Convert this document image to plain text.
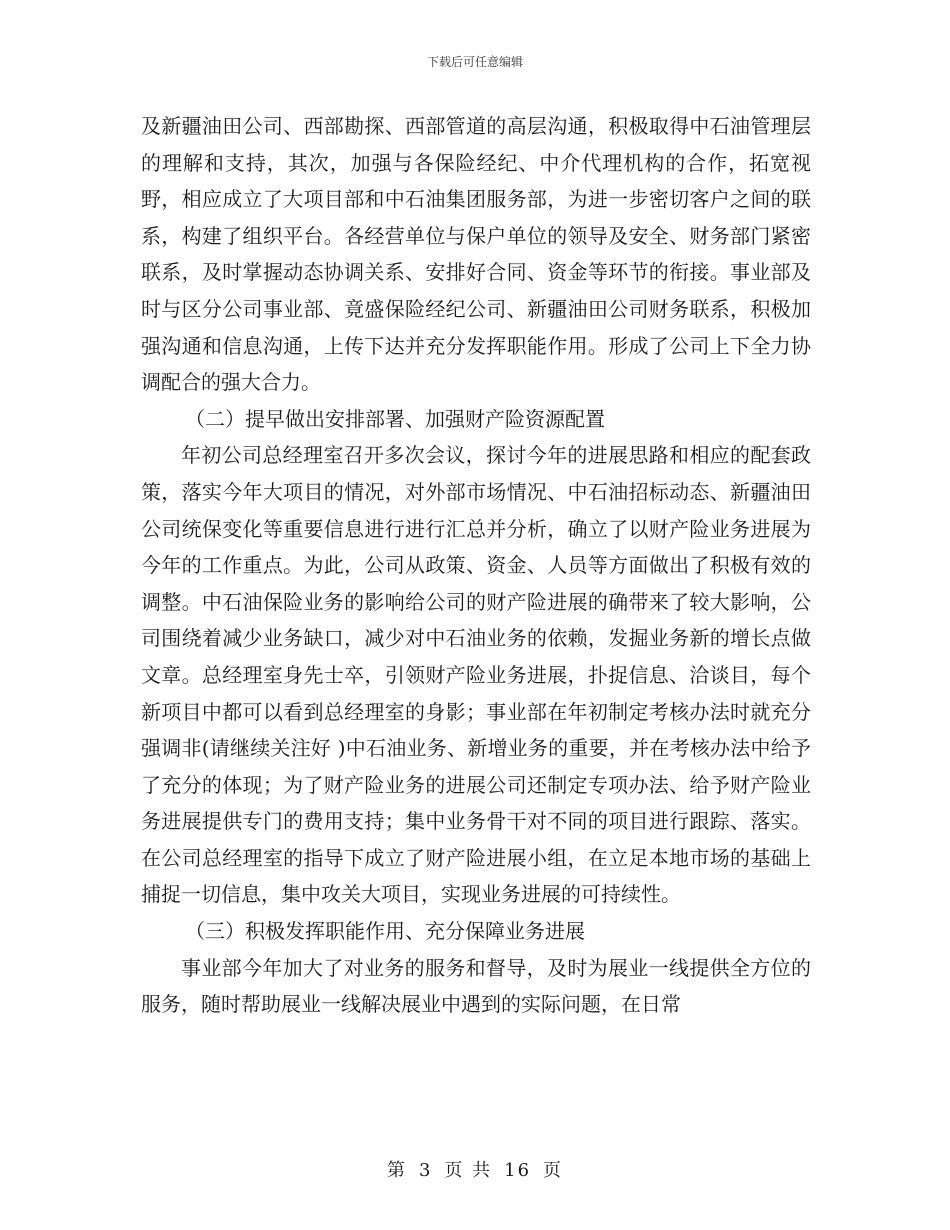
下载后可任意编辑

及新疆油田公司、西部勘探、西部管道的高层沟通，积极取得中石油管理层的理解和支持，其次，加强与各保险经纪、中介代理机构的合作，拓宽视野，相应成立了大项目部和中石油集团服务部，为进一步密切客户之间的联系，构建了组织平台。各经营单位与保户单位的领导及安全、财务部门紧密联系，及时掌握动态协调关系、安排好合同、资金等环节的衔接。事业部及时与区分公司事业部、竟盛保险经纪公司、新疆油田公司财务联系，积极加强沟通和信息沟通，上传下达并充分发挥职能作用。形成了公司上下全力协调配合的强大合力。

（二）提早做出安排部署、加强财产险资源配置

年初公司总经理室召开多次会议，探讨今年的进展思路和相应的配套政策，落实今年大项目的情况，对外部市场情况、中石油招标动态、新疆油田公司统保变化等重要信息进行进行汇总并分析，确立了以财产险业务进展为今年的工作重点。为此，公司从政策、资金、人员等方面做出了积极有效的调整。中石油保险业务的影响给公司的财产险进展的确带来了较大影响，公司围绕着减少业务缺口，减少对中石油业务的依赖，发掘业务新的增长点做文章。总经理室身先士卒，引领财产险业务进展，扑捉信息、洽谈目，每个新项目中都可以看到总经理室的身影；事业部在年初制定考核办法时就充分强调非(请继续关注好 )中石油业务、新增业务的重要，并在考核办法中给予了充分的体现；为了财产险业务的进展公司还制定专项办法、给予财产险业务进展提供专门的费用支持；集中业务骨干对不同的项目进行跟踪、落实。在公司总经理室的指导下成立了财产险进展小组，在立足本地市场的基础上捕捉一切信息，集中攻关大项目，实现业务进展的可持续性。

（三）积极发挥职能作用、充分保障业务进展

事业部今年加大了对业务的服务和督导，及时为展业一线提供全方位的服务，随时帮助展业一线解决展业中遇到的实际问题，在日常

第 3 页 共 16 页
